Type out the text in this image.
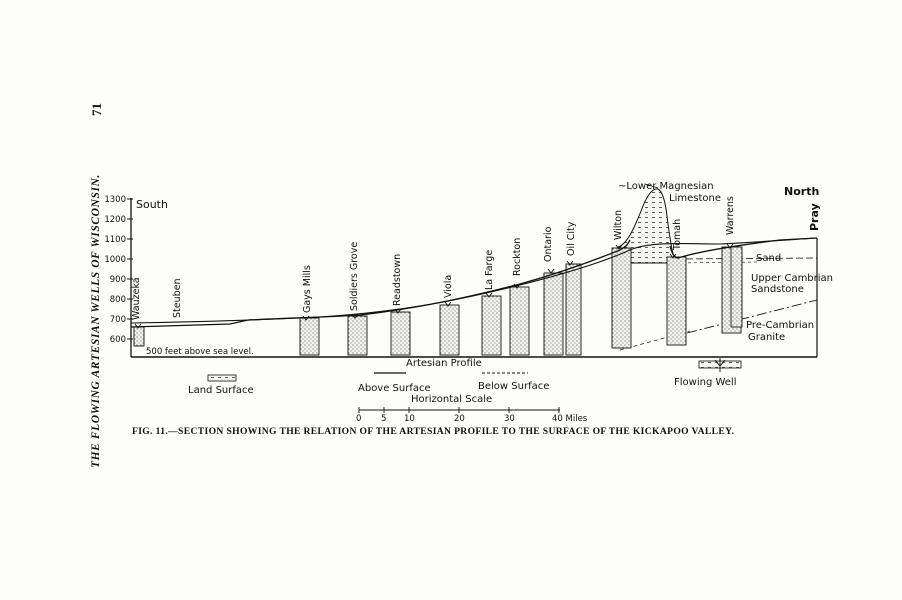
THE FLOWING ARTESIAN WELLS OF WISCONSIN.
71
1300
1200
1100
1000
900
800
700
600
Wauzeka	Steuben	Gays Mills	Soldiers Grove	Readstown	Viola	La Farge Rockton Ontario Oil City	Wilton	Tomah	Warrens	Pray
South
North
~Lower Magnesian
Limestone
Sand
Upper Cambrian
Sandstone
Pre-Cambrian
Granite
500 feet above sea level.
Artesian Profile
Land Surface	Above Surface	Below Surface	Flowing Well
Horizontal Scale
0 5 10	20	30	40 Miles
FIG. 11.—SECTION SHOWING THE RELATION OF THE ARTESIAN PROFILE TO THE SURFACE OF THE KICKAPOO VALLEY.
